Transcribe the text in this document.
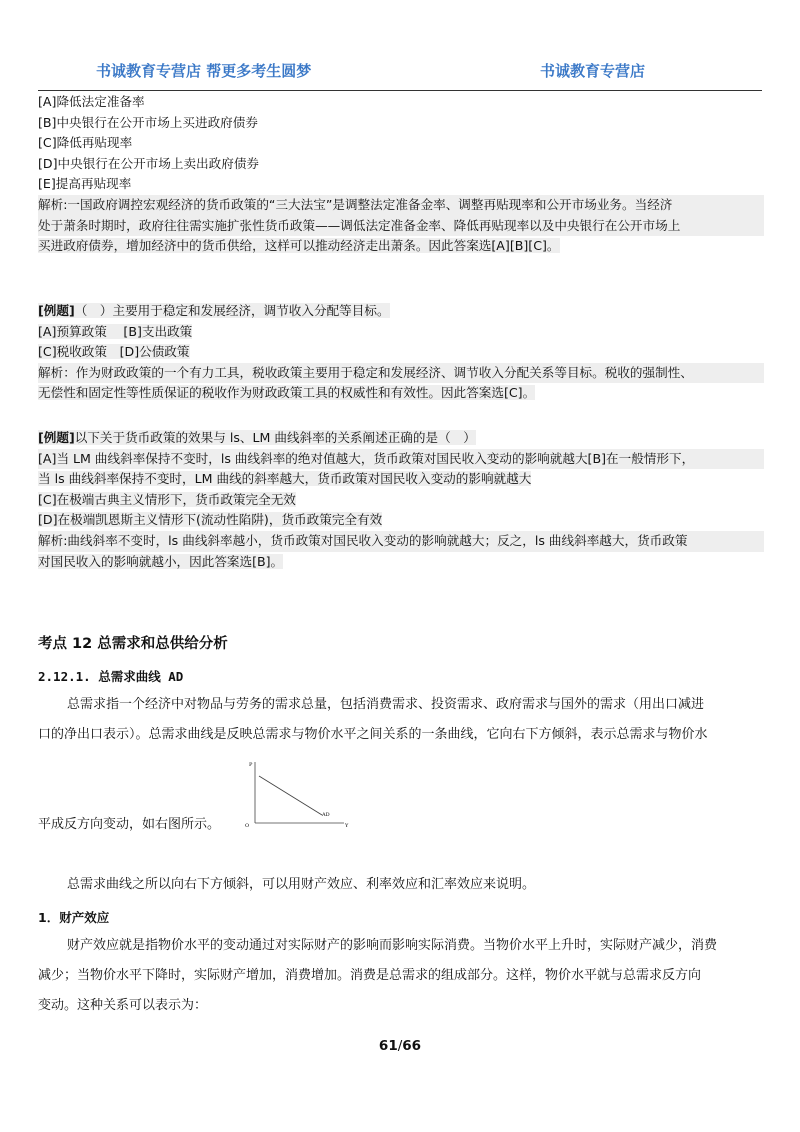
书诚教育专营店 帮更多考生圆梦	书诚教育专营店
[A]降低法定准备率
[B]中央银行在公开市场上买进政府债券
[C]降低再贴现率
[D]中央银行在公开市场上卖出政府债券
[E]提高再贴现率
解析:一国政府调控宏观经济的货币政策的“三大法宝”是调整法定准备金率、调整再贴现率和公开市场业务。当经济
处于萧条时期时，政府往往需实施扩张性货币政策——调低法定准备金率、降低再贴现率以及中央银行在公开市场上
买进政府债券，增加经济中的货币供给，这样可以推动经济走出萧条。因此答案选[A][B][C]。
[例题]（　）主要用于稳定和发展经济，调节收入分配等目标。
[A]预算政策　 [B]支出政策
[C]税收政策　[D]公债政策
解析：作为财政政策的一个有力工具，税收政策主要用于稳定和发展经济、调节收入分配关系等目标。税收的强制性、
无偿性和固定性等性质保证的税收作为财政政策工具的权威性和有效性。因此答案选[C]。
[例题]以下关于货币政策的效果与 ls、LM 曲线斜率的关系阐述正确的是（　）
[A]当 LM 曲线斜率保持不变时，ls 曲线斜率的绝对值越大，货币政策对国民收入变动的影响就越大[B]在一般情形下，
当 ls 曲线斜率保持不变时，LM 曲线的斜率越大，货币政策对国民收入变动的影响就越大
[C]在极端古典主义情形下，货币政策完全无效
[D]在极端凯恩斯主义情形下(流动性陷阱)，货币政策完全有效
解析:曲线斜率不变时，ls 曲线斜率越小，货币政策对国民收入变动的影响就越大；反之，ls 曲线斜率越大，货币政策
对国民收入的影响就越小，因此答案选[B]。
考点 12 总需求和总供给分析
2.12.1. 总需求曲线 AD
总需求指一个经济中对物品与劳务的需求总量，包括消费需求、投资需求、政府需求与国外的需求（用出口减进
口的净出口表示）。总需求曲线是反映总需求与物价水平之间关系的一条曲线，它向右下方倾斜，表示总需求与物价水
平成反方向变动，如右图所示。
P
Y
O
AD
总需求曲线之所以向右下方倾斜，可以用财产效应、利率效应和汇率效应来说明。
1．财产效应
财产效应就是指物价水平的变动通过对实际财产的影响而影响实际消费。当物价水平上升时，实际财产减少，消费
减少；当物价水平下降时，实际财产增加，消费增加。消费是总需求的组成部分。这样，物价水平就与总需求反方向
变动。这种关系可以表示为：
61/66
